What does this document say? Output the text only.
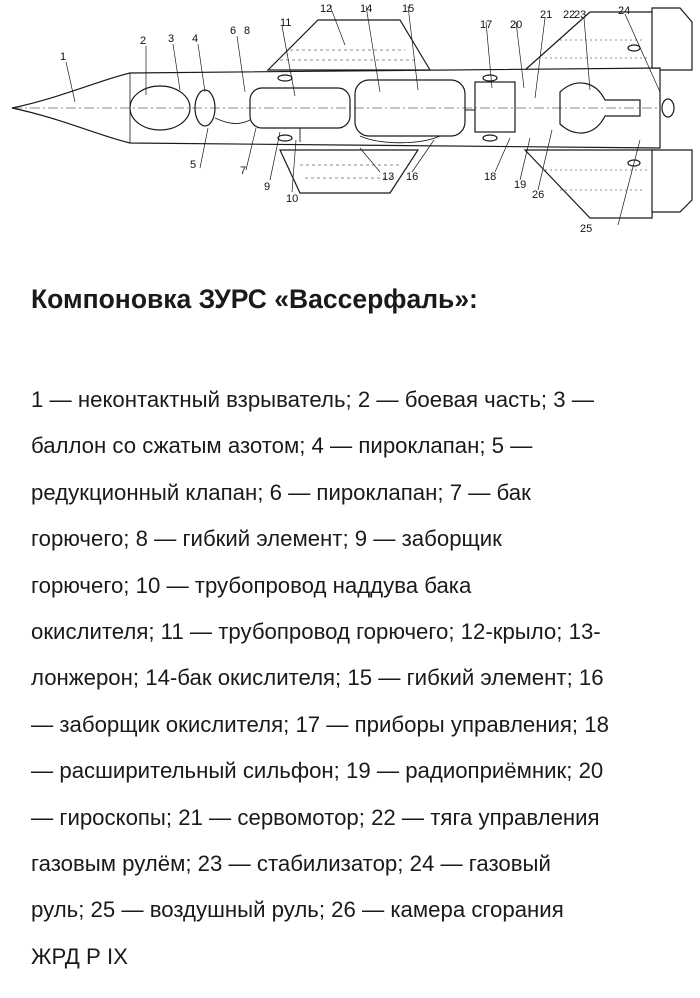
1
2 3 4
5
6
7
8
9
10
11
12
13
14	15
16
17
18
19
20
21 22
23	24
25
26
Компоновка ЗУРС «Вассерфаль»:

1 — неконтактный взрыватель; 2 — боевая часть; 3 —
баллон со сжатым азотом; 4 — пироклапан; 5 —
редукционный клапан; 6 — пироклапан; 7 — бак
горючего; 8 — гибкий элемент; 9 — заборщик
горючего; 10 — трубопровод наддува бака
окислителя; 11 — трубопровод горючего; 12-крыло; 13-
лонжерон; 14-бак окислителя; 15 — гибкий элемент; 16
— заборщик окислителя; 17 — приборы управления; 18
— расширительный сильфон; 19 — радиоприёмник; 20
— гироскопы; 21 — сервомотор; 22 — тяга управления
газовым рулём; 23 — стабилизатор; 24 — газовый
руль; 25 — воздушный руль; 26 — камера сгорания
ЖРД Р IX
